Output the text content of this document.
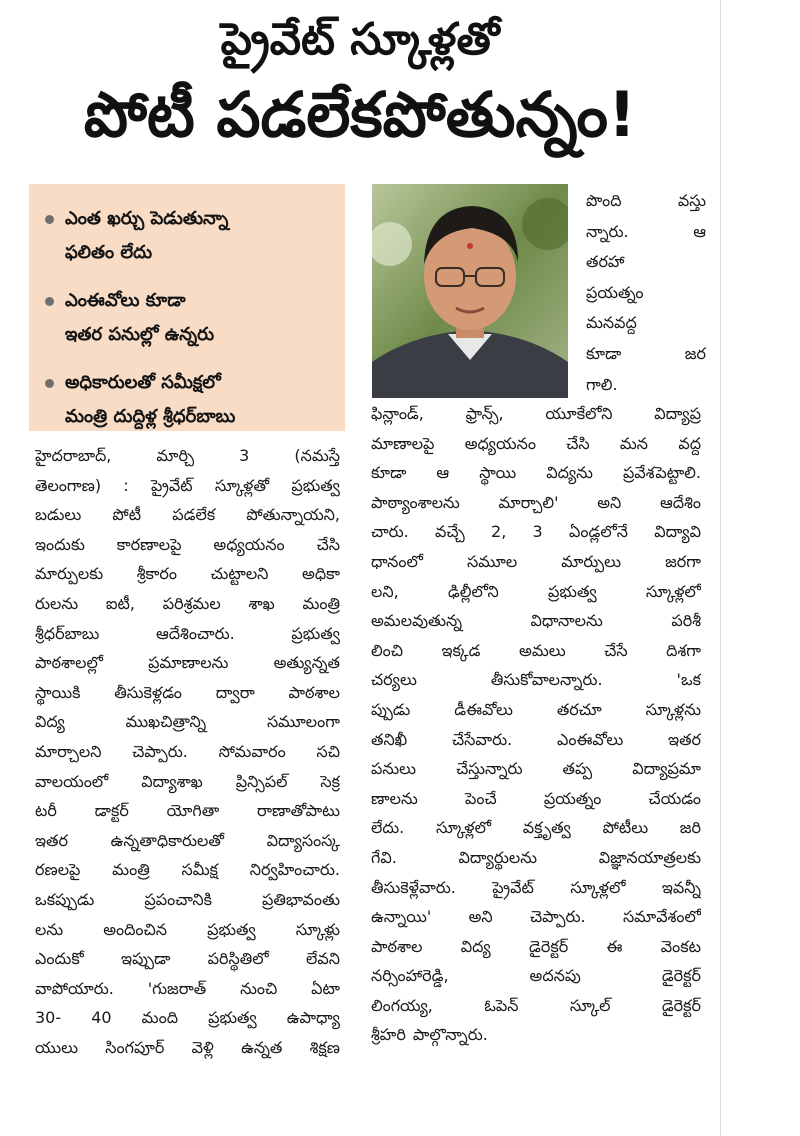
ప్రైవేట్ స్కూళ్లతో
పోటీ పడలేకపోతున్నం!
ఎంత ఖర్చు పెడుతున్నా
ఫలితం లేదు
ఎంఈవోలు కూడా
ఇతర పనుల్లో ఉన్నరు
అధికారులతో సమీక్షలో
మంత్రి దుద్దిళ్ల శ్రీధర్‌బాబు
పొంది వస్తు
న్నారు. ఆ
తరహా
ప్రయత్నం
మనవద్ద
కూడా జర
గాలి.
హైదరాబాద్, మార్చి 3 (నమస్తే
తెలంగాణ) : ప్రైవేట్ స్కూళ్లతో ప్రభుత్వ
బడులు పోటీ పడలేక పోతున్నాయని,
ఇందుకు కారణాలపై అధ్యయనం చేసి
మార్పులకు శ్రీకారం చుట్టాలని అధికా
రులను ఐటీ, పరిశ్రమల శాఖ మంత్రి
శ్రీధర్‌బాబు ఆదేశించారు. ప్రభుత్వ
పాఠశాలల్లో ప్రమాణాలను అత్యున్నత
స్థాయికి తీసుకెళ్లడం ద్వారా పాఠశాల
విద్య ముఖచిత్రాన్ని సమూలంగా
మార్చాలని చెప్పారు. సోమవారం సచి
వాలయంలో విద్యాశాఖ ప్రిన్సిపల్ సెక్ర
టరీ డాక్టర్ యోగితా రాణాతోపాటు
ఇతర ఉన్నతాధికారులతో విద్యాసంస్క
రణలపై మంత్రి సమీక్ష నిర్వహించారు.
ఒకప్పుడు ప్రపంచానికి ప్రతిభావంతు
లను అందించిన ప్రభుత్వ స్కూళ్లు
ఎందుకో ఇప్పుడా పరిస్థితిలో లేవని
వాపోయారు. 'గుజరాత్ నుంచి ఏటా
30- 40 మంది ప్రభుత్వ ఉపాధ్యా
యులు సింగపూర్ వెళ్లి ఉన్నత శిక్షణ
ఫిన్లాండ్, ఫ్రాన్స్, యూకేలోని విద్యాప్ర
మాణాలపై అధ్యయనం చేసి మన వద్ద
కూడా ఆ స్థాయి విద్యను ప్రవేశపెట్టాలి.
పాఠ్యాంశాలను మార్చాలి' అని ఆదేశిం
చారు. వచ్చే 2, 3 ఏండ్లలోనే విద్యావి
ధానంలో సమూల మార్పులు జరగా
లని, ఢిల్లీలోని ప్రభుత్వ స్కూళ్లలో
అమలవుతున్న విధానాలను పరిశీ
లించి ఇక్కడ అమలు చేసే దిశగా
చర్యలు తీసుకోవాలన్నారు. 'ఒక
ప్పుడు డీఈవోలు తరచూ స్కూళ్లను
తనిఖీ చేసేవారు. ఎంఈవోలు ఇతర
పనులు చేస్తున్నారు తప్ప విద్యాప్రమా
ణాలను పెంచే ప్రయత్నం చేయడం
లేదు. స్కూళ్లలో వక్తృత్వ పోటీలు జరి
గేవి. విద్యార్థులను విజ్ఞానయాత్రలకు
తీసుకెళ్లేవారు. ప్రైవేట్ స్కూళ్లలో ఇవన్నీ
ఉన్నాయి' అని చెప్పారు. సమావేశంలో
పాఠశాల విద్య డైరెక్టర్ ఈ వెంకట
నర్సింహారెడ్డి, అదనపు డైరెక్టర్
లింగయ్య, ఓపెన్ స్కూల్ డైరెక్టర్
శ్రీహరి పాల్గొన్నారు.
